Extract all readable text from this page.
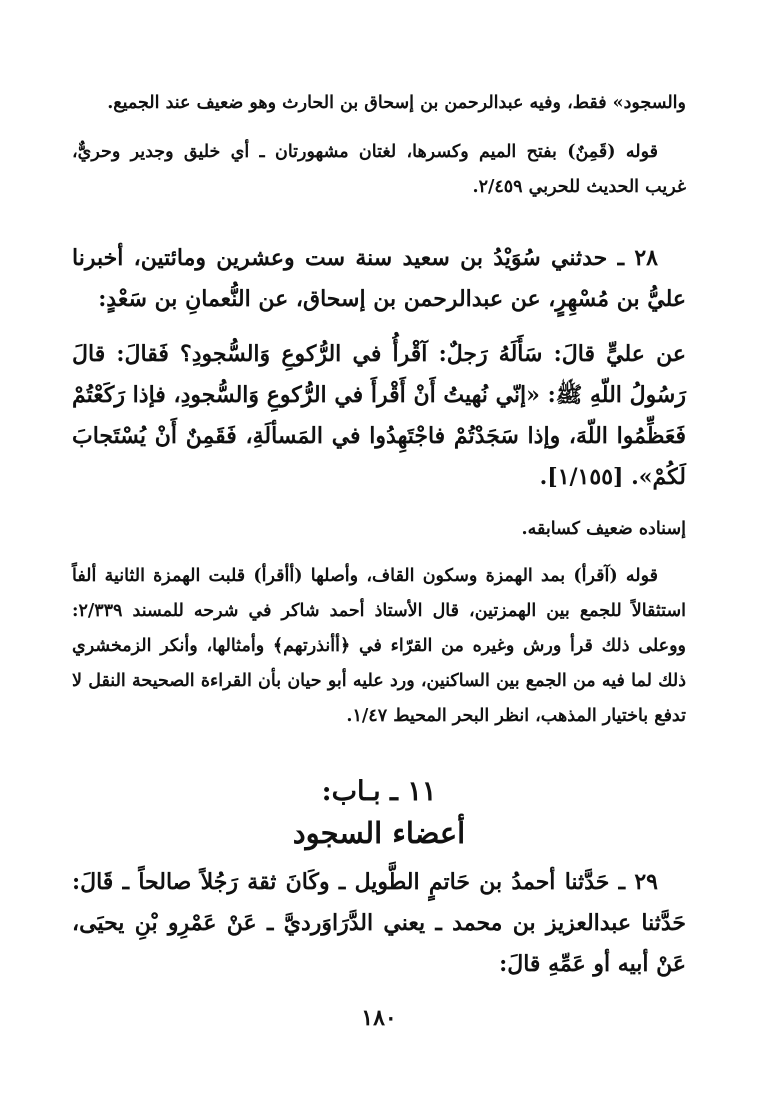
والسجود» فقط، وفيه عبدالرحمن بن إسحاق بن الحارث وهو ضعيف عند الجميع.

قوله (قَمِنٌ) بفتح الميم وكسرها، لغتان مشهورتان ـ أي خليق وجدير وحريٌّ، غريب الحديث للحربي ٢/٤٥٩.

٢٨ ـ حدثني سُوَيْدُ بن سعيد سنة ست وعشرين ومائتين، أخبرنا عليُّ بن مُسْهِرٍ، عن عبدالرحمن بن إسحاق، عن النُّعمانِ بن سَعْدٍ:

عن عليٍّ قالَ: سَأَلَهُ رَجلٌ: آقْرأُ في الرُّكوعِ وَالسُّجودِ؟ فَقالَ: قالَ رَسُولُ اللّهِ ﷺ: «إنّي نُهيتُ أَنْ أَقْرأَ في الرُّكوعِ وَالسُّجودِ، فإذا رَكَعْتُمْ فَعَظِّمُوا اللّهَ، وإذا سَجَدْتُمْ فاجْتَهِدُوا في المَسألَةِ، فَقَمِنٌ أَنْ يُسْتَجابَ لَكُمْ». [١/١٥٥].

إسناده ضعيف كسابقه.

قوله (آقرأ) بمد الهمزة وسكون القاف، وأصلها (أأقرأ) قلبت الهمزة الثانية ألفاً استثقالاً للجمع بين الهمزتين، قال الأستاذ أحمد شاكر في شرحه للمسند ٢/٣٣٩: ووعلى ذلك قرأ ورش وغيره من القرّاء في ﴿أأنذرتهم﴾ وأمثالها، وأنكر الزمخشري ذلك لما فيه من الجمع بين الساكنين، ورد عليه أبو حيان بأن القراءة الصحيحة النقل لا تدفع باختيار المذهب، انظر البحر المحيط ١/٤٧.

١١ ـ بـاب:
أعضاء السجود

٢٩ ـ حَدَّثنا أحمدُ بن حَاتمٍ الطَّويل ـ وكَانَ ثقة رَجُلاً صالحاً ـ قَالَ: حَدَّثنا عبدالعزيز بن محمد ـ يعني الدَّرَاوَرديَّ ـ عَنْ عَمْرِو بْنِ يحيَى، عَنْ أبيه أو عَمِّهِ قالَ:

١٨٠
